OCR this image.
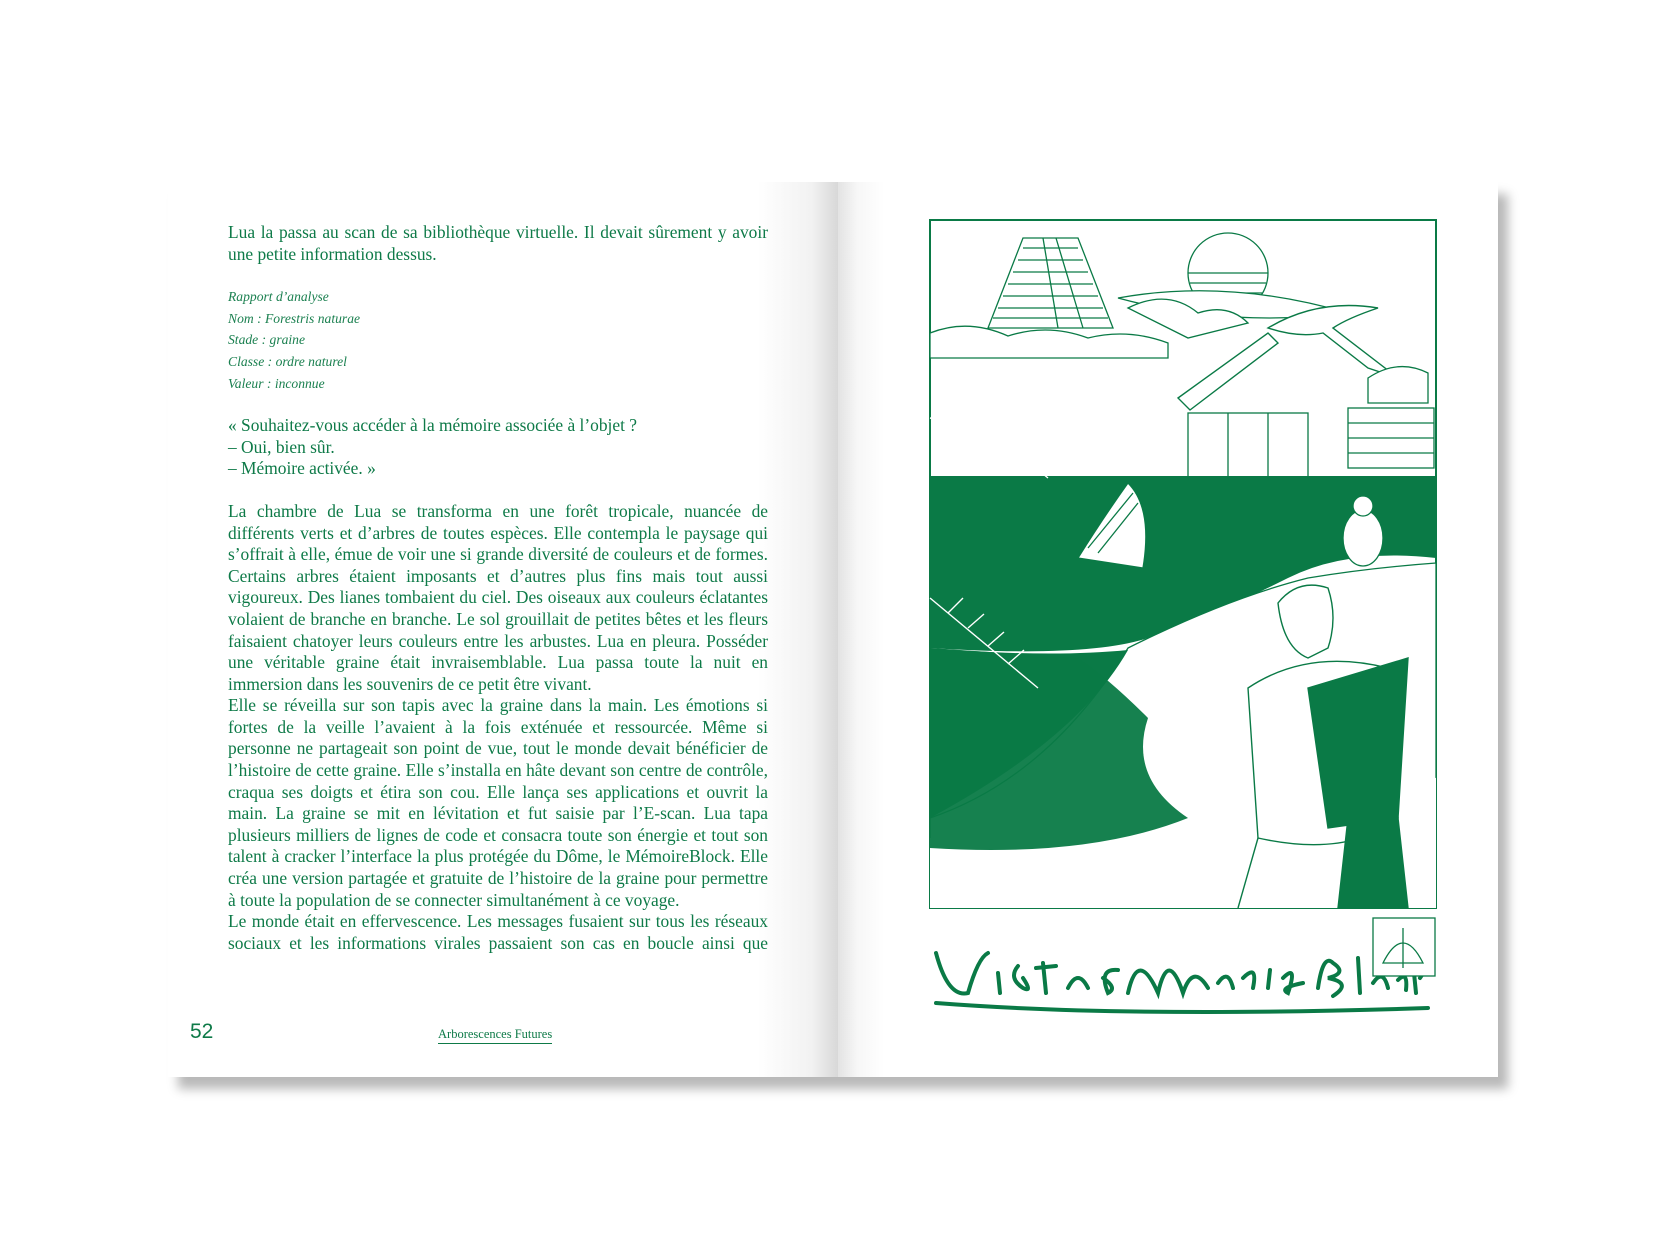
Lua la passa au scan de sa bibliothèque virtuelle. Il devait sûrement y avoir une petite information dessus.

Rapport d’analyse

Nom : Forestris naturae

Stade : graine

Classe : ordre naturel

Valeur : inconnue

« Souhaitez-vous accéder à la mémoire associée à l’objet ?

– Oui, bien sûr.

– Mémoire activée. »

La chambre de Lua se transforma en une forêt tropicale, nuancée de différents verts et d’arbres de toutes espèces. Elle contempla le paysage qui s’offrait à elle, émue de voir une si grande diversité de couleurs et de formes. Certains arbres étaient imposants et d’autres plus fins mais tout aussi vigoureux. Des lianes tombaient du ciel. Des oiseaux aux couleurs éclatantes volaient de branche en branche. Le sol grouillait de petites bêtes et les fleurs faisaient chatoyer leurs couleurs entre les arbustes. Lua en pleura. Posséder une véritable graine était invraisemblable. Lua passa toute la nuit en immersion dans les souvenirs de ce petit être vivant.

Elle se réveilla sur son tapis avec la graine dans la main. Les émotions si fortes de la veille l’avaient à la fois exténuée et ressourcée. Même si personne ne partageait son point de vue, tout le monde devait bénéficier de l’histoire de cette graine. Elle s’installa en hâte devant son centre de contrôle, craqua ses doigts et étira son cou. Elle lança ses applications et ouvrit la main. La graine se mit en lévitation et fut saisie par l’E-scan. Lua tapa plusieurs milliers de lignes de code et consacra toute son énergie et tout son talent à cracker l’interface la plus protégée du Dôme, le MémoireBlock. Elle créa une version partagée et gratuite de l’histoire de la graine pour permettre à toute la population de se connecter simultanément à ce voyage.

Le monde était en effervescence. Les messages fusaient sur tous les réseaux sociaux et les informations virales passaient son cas en boucle ainsi que

52	Arborescences Futures
